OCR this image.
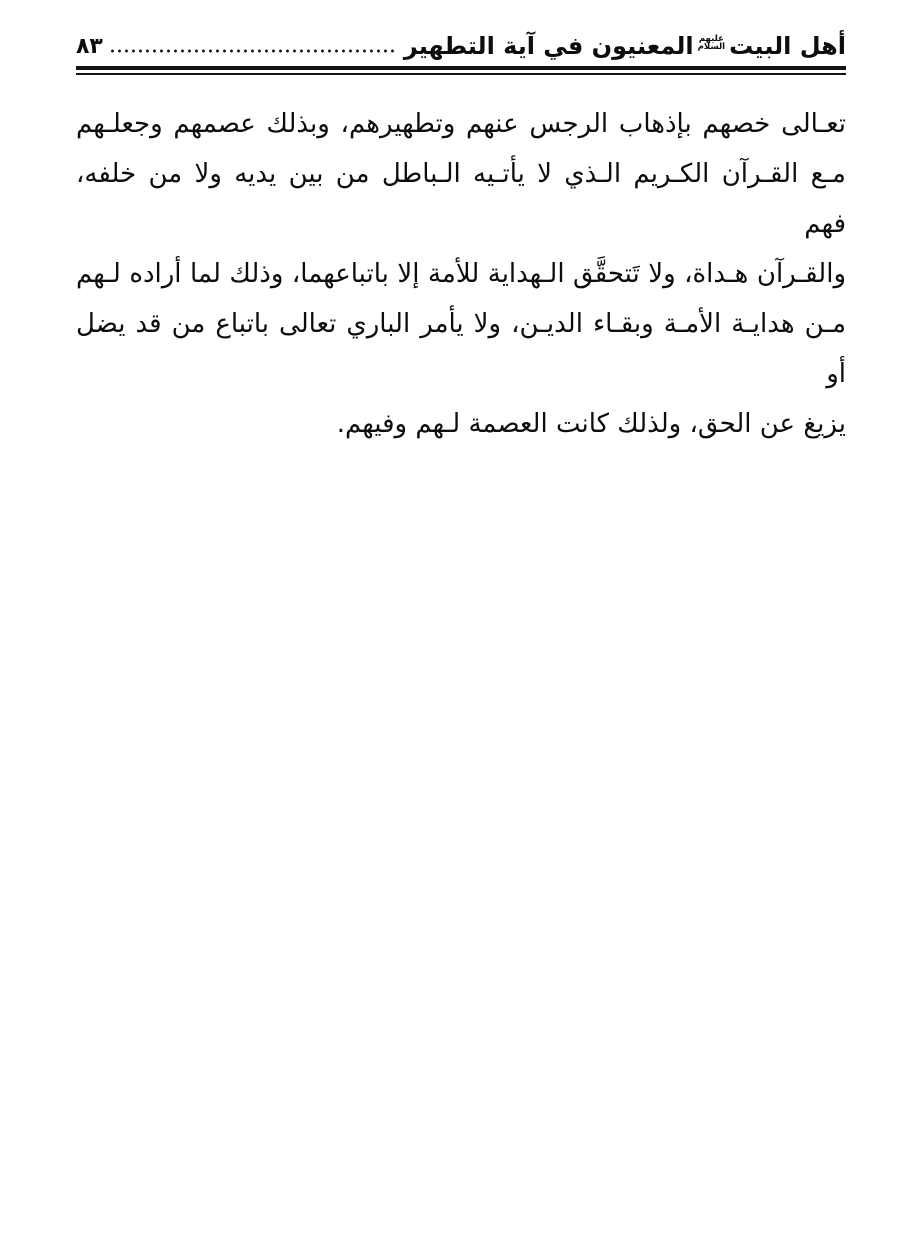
أهل البيت
عليهم
السلام
المعنيون في آية التطهير
٨٣

تعـالى خصهم بإذهاب الرجس عنهم وتطهيرهم، وبذلك عصمهم وجعلـهم

مـع القـرآن الكـريم الـذي لا يأتـيه الـباطل من بين يديه ولا من خلفه، فهم

والقـرآن هـداة، ولا تَتحقَّق الـهداية للأمة إلا باتباعهما، وذلك لما أراده لـهم

مـن هدايـة الأمـة وبقـاء الديـن، ولا يأمر الباري تعالى باتباع من قد يضل أو

يزيغ عن الحق، ولذلك كانت العصمة لـهم وفيهم.
